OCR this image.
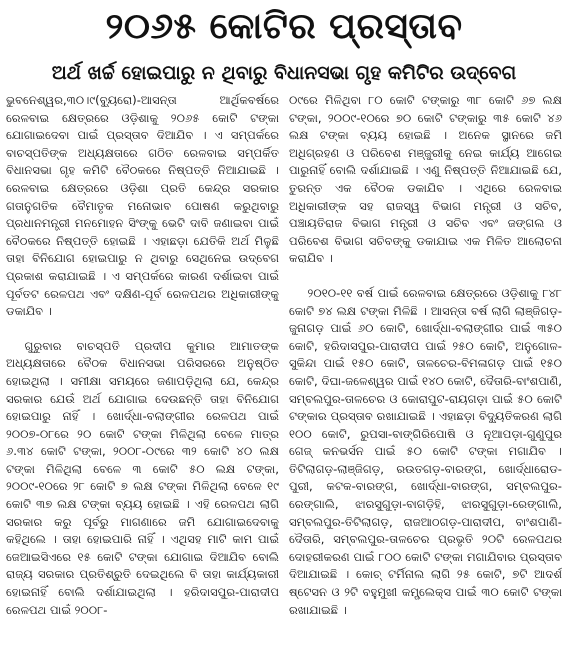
୨୦୬୫ କୋଟିର ପ୍ରସ୍ତାବ
ଅର୍ଥ ଖର୍ଚ୍ଚ ହୋଇପାରୁ ନ ଥିବାରୁ ବିଧାନସଭା ଗୃହ କମିଟିର ଉଦ୍‌ବେଗ

ଭୁବନେଶ୍ୱର,୩୦।୯(ବ୍ୟୁରୋ)-ଆସନ୍ତା ଆର୍ଥିକବର୍ଷରେ ରେଳବାଇ କ୍ଷେତ୍ରରେ ଓଡ଼ିଶାକୁ ୨୦୬୫ କୋଟି ଟଙ୍କା ଯୋଗାଇଦେବା ପାଇଁ ପ୍ରସ୍ତାବ ଦିଆଯିବ । ଏ ସମ୍ପର୍କରେ ବାଚସ୍ପତିଙ୍କ ଅଧ୍ୟକ୍ଷତାରେ ଗଠିତ ରେଳବାଇ ସମ୍ପର୍କିତ ବିଧାନସଭା ଗୃହ କମିଟି ବୈଠକରେ ନିଷ୍ପତ୍ତି ନିଆଯାଇଛି । ରେଳବାଇ କ୍ଷେତ୍ରରେ ଓଡ଼ିଶା ପ୍ରତି କେନ୍ଦ୍ର ସରକାର ଗତାନୁଗତିକ ବୈମାତୃକ ମନୋଭାବ ପୋଷଣ କରୁଥିବାରୁ ପ୍ରଧାନମନ୍ତ୍ରୀ ମନମୋହନ ସିଂଙ୍କୁ ଭେଟି ଦାବି ଜଣାଇବା ପାଇଁ ବୈଠକରେ ନିଷ୍ପତ୍ତି ହୋଇଛି । ଏହାଛଡ଼ା ଯେତିକି ଅର୍ଥ ମିଳୁଛି ତାହା ବିନିଯୋଗ ହୋଇପାରୁ ନ ଥିବାରୁ ସେଥିନେଇ ଉଦ୍‌ବେଗ ପ୍ରକାଶ କରାଯାଇଛି । ଏ ସମ୍ପର୍କରେ କାରଣ ଦର୍ଶାଇବା ପାଇଁ ପୂର୍ବତଟ ରେଳପଥ ଏବଂ ଦକ୍ଷିଣ-ପୂର୍ବ ରେଳପଥର ଅଧିକାରୀଙ୍କୁ ଡକାଯିବ ।

ଗୁରୁବାର ବାଚସ୍ପତି ପ୍ରଦୀପ କୁମାର ଆମାତଙ୍କ ଅଧ୍ୟକ୍ଷତାରେ ବୈଠକ ବିଧାନସଭା ପରିସରରେ ଅନୁଷ୍ଠିତ ହୋଇଥିଲା । ସମୀକ୍ଷା ସମୟରେ ଜଣାପଡ଼ିଥିଲା ଯେ, କେନ୍ଦ୍ର ସରକାର ଯେଉଁ ଅର୍ଥ ଯୋଗାଇ ଦେଉଛନ୍ତି ତାହା ବିନିଯୋଗ ହୋଇପାରୁ ନାହିଁ । ଖୋର୍ଦ୍ଧା-ବଲାଙ୍ଗୀର ରେଳପଥ ପାଇଁ ୨୦୦୭-୦୮ରେ ୨୦ କୋଟି ଟଙ୍କା ମିଳିଥିଲା ବେଳେ ମାତ୍ର ୬.୩୪ କୋଟି ଟଙ୍କା, ୨୦୦୮-୦୯ରେ ୩୨ କୋଟି ୪୦ ଲକ୍ଷ ଟଙ୍କା ମିଳିଥିଲା ବେଳେ ୩ କୋଟି ୫୦ ଲକ୍ଷ ଟଙ୍କା, ୨୦୦୯-୧୦ରେ ୨୮ କୋଟି ୭ ଲକ୍ଷ ଟଙ୍କା ମିଳିଥିଲା ବେଳେ ୧୯ କୋଟି ୩୭ ଲକ୍ଷ ଟଙ୍କା ବ୍ୟୟ ହୋଇଛି । ଏହି ରେଳପଥ ଲାଗି ସରକାର କରୁ ପୂର୍ବରୁ ମାଗଣାରେ ଜମି ଯୋଗାଇଦେବାକୁ କହିଥିଲେ । ତାହା ହୋଇପାରି ନାହିଁ । ଏଥିସହ ମାଟି କାମ ପାଇଁ ଜେଆଇସିଏରେ ୧୫ କୋଟି ଟଙ୍କା ଯୋଗାଇ ଦିଆଯିବ ବୋଲି ରାଜ୍ୟ ସରକାର ପ୍ରତିଶ୍ରୁତି ଦେଇଥିଲେ ବି ତାହା କାର୍ଯ୍ୟକାରୀ ହୋଇନାହିଁ ବୋଲି ଦର୍ଶାଯାଇଥିଲା । ହରିଦାସପୁର-ପାରାଦୀପ ରେଳପଥ ପାଇଁ ୨୦୦୮-

୦୯ରେ ମିଳିଥିବା ୮୦ କୋଟି ଟଙ୍କାରୁ ୩୮ କୋଟି ୬୭ ଲକ୍ଷ ଟଙ୍କା, ୨୦୦୯-୧୦ରେ ୭୦ କୋଟି ଟଙ୍କାରୁ ୩୫ କୋଟି ୪୬ ଲକ୍ଷ ଟଙ୍କା ବ୍ୟୟ ହୋଇଛି । ଅନେକ ସ୍ଥାନରେ ଜମି ଅଧିଗ୍ରହଣ ଓ ପରିବେଶ ମଞ୍ଜୁରୀକୁ ନେଇ କାର୍ଯ୍ୟ ଆଗେଇ ପାରୁନାହିଁ ବୋଲି ଦର୍ଶାଯାଇଛି । ଏଣୁ ନିଷ୍ପତ୍ତି ନିଆଯାଇଛି ଯେ, ତୁରନ୍ତ ଏକ ବୈଠକ ଡକାଯିବ । ଏଥିରେ ରେଳବାଇ ଅଧିକାରୀଙ୍କ ସହ ରାଜସ୍ୱ ବିଭାଗ ମନ୍ତ୍ରୀ ଓ ସଚିବ, ପଞ୍ଚାୟତିରାଜ ବିଭାଗ ମନ୍ତ୍ରୀ ଓ ସଚିବ ଏବଂ ଜଙ୍ଗଲ ଓ ପରିବେଶ ବିଭାଗ ସଚିବଙ୍କୁ ଡକାଯାଇ ଏକ ମିଳିତ ଆଲୋଚନା କରାଯିବ ।

୨୦୧୦-୧୧ ବର୍ଷ ପାଇଁ ରେଳବାଇ କ୍ଷେତ୍ରରେ ଓଡ଼ିଶାକୁ ୮୪୮ କୋଟି ୭୪ ଲକ୍ଷ ଟଙ୍କା ମିଳିଛି । ଆସନ୍ତା ବର୍ଷ ଲାଗି ଲାଞ୍ଜିଗଡ଼-ଜୁନାଗଡ଼ ପାଇଁ ୬୦ କୋଟି, ଖୋର୍ଦ୍ଧା-ବଲାଙ୍ଗୀର ପାଇଁ ୩୫୦ କୋଟି, ହରିଦାସପୁର-ପାରାଦୀପ ପାଇଁ ୨୫୦ କୋଟି, ଅନୁଗୋଳ-ସୁକିନ୍ଦା ପାଇଁ ୧୫୦ କୋଟି, ତାଳଚେର-ବିମଳାଗଡ଼ ପାଇଁ ୧୫୦ କୋଟି, ଦିଘା-ଜଳେଶ୍ୱର ପାଇଁ ୧୪୦ କୋଟି, ଦୈତାରି-ବାଂଶପାଣି, ସମ୍ବଲପୁର-ତାଳଚେର ଓ କୋରାପୁଟ-ରାୟଗଡ଼ା ପାଇଁ ୫୦ କୋଟି ଟଙ୍କାର ପ୍ରସ୍ତାବ ରଖାଯାଇଛି । ଏହାଛଡ଼ା ବିଦ୍ୟୁତିକରଣ ଲାଗି ୧୦୦ କୋଟି, ରୁପସା-ବାଙ୍ଗିରିପୋଷି ଓ ନୂଆପଡ଼ା-ଗୁଣୁପୁର ଗେଜ୍ କନଭର୍ସନ ପାଇଁ ୫୦ କୋଟି ଟଙ୍କା ମଗାଯିବ । ତିଟିଲାଗଡ଼-ଲାଞ୍ଜିଗଡ଼, ରଉତଗଡ଼-ବାରଙ୍ଗ, ଖୋର୍ଦ୍ଧାରୋଡ-ପୁରୀ, କଟକ-ବାରଙ୍ଗ, ଖୋର୍ଦ୍ଧା-ବାରଙ୍ଗ, ସମ୍ବଲପୁର-ରେଙ୍ଗାଲି, ଝାରସୁଗୁଡ଼ା-ବାଗଡ଼ିହି, ଝାରସୁଗୁଡ଼ା-ରେଙ୍ଗାଲି, ସମ୍ବଲପୁର-ତିଟିଲାଗଡ଼, ରାଜଆଠଗଡ଼-ପାରାଦୀପ, ବାଂଶପାଣି-ଦୈତାରି, ସମ୍ବଲପୁର-ତାଳଚେର ପ୍ରଭୃତି ୨୦ଟି ରେଳପଥର ଦୋହରୀକରଣ ପାଇଁ ୮୦୦ କୋଟି ଟଙ୍କା ମଗାଯିବାର ପ୍ରସ୍ତାବ ଦିଆଯାଇଛି । କୋଚ୍ ଟର୍ମିନାଲ ଲାଗି ୨୫ କୋଟି, ୭ଟି ଆଦର୍ଶ ଷ୍ଟେସନ ଓ ୨ଟି ବହୁମୁଖୀ କମ୍ପ୍ଲେକ୍ସ ପାଇଁ ୩୦ କୋଟି ଟଙ୍କା ରଖାଯାଇଛି ।
